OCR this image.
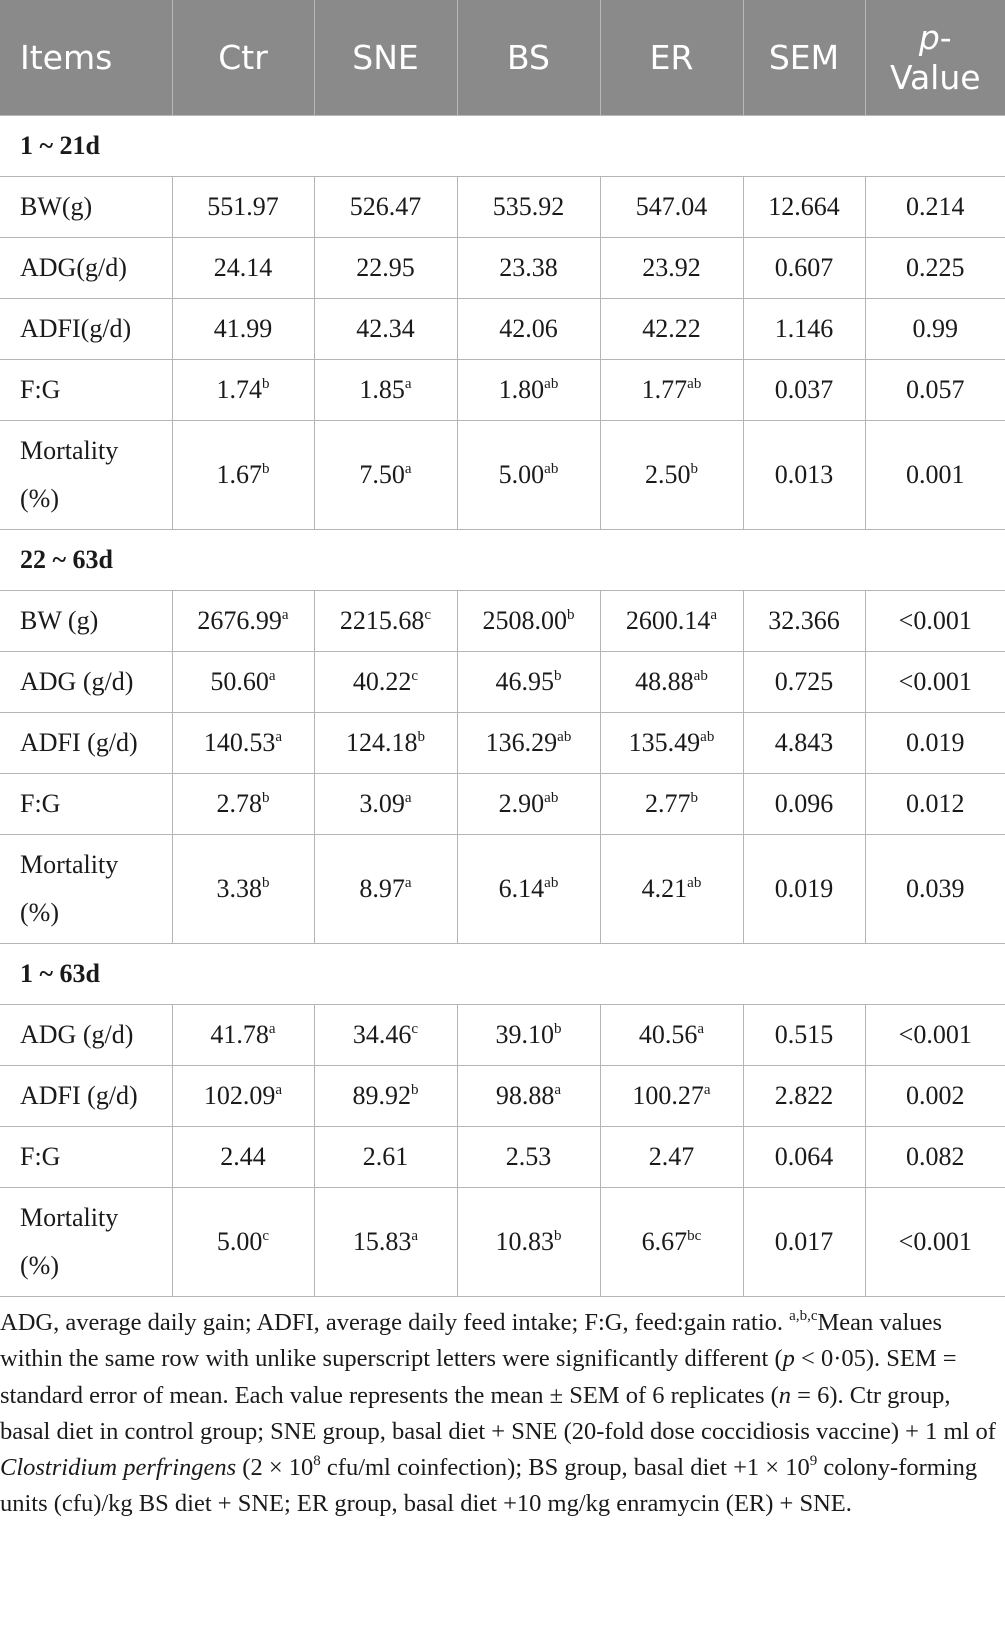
Items	Ctr	SNE	BS	ER	SEM	p-
Value
1 ~ 21d						
BW(g)	551.97	526.47	535.92	547.04	12.664	0.214
ADG(g/d)	24.14	22.95	23.38	23.92	0.607	0.225
ADFI(g/d)	41.99	42.34	42.06	42.22	1.146	0.99
F:G	1.74$^b$	1.85$^a$	1.80$^{ab}$	1.77$^{ab}$	0.037	0.057
Mortality
(%)	1.67$^b$	7.50$^a$	5.00$^{ab}$	2.50$^b$	0.013	0.001
22 ~ 63d						
BW (g)	2676.99$^a$	2215.68$^c$	2508.00$^b$	2600.14$^a$	32.366	<0.001
ADG (g/d)	50.60$^a$	40.22$^c$	46.95$^b$	48.88$^{ab}$	0.725	<0.001
ADFI (g/d)	140.53$^a$	124.18$^b$	136.29$^{ab}$	135.49$^{ab}$	4.843	0.019
F:G	2.78$^b$	3.09$^a$	2.90$^{ab}$	2.77$^b$	0.096	0.012
Mortality
(%)	3.38$^b$	8.97$^a$	6.14$^{ab}$	4.21$^{ab}$	0.019	0.039
1 ~ 63d						
ADG (g/d)	41.78$^a$	34.46$^c$	39.10$^b$	40.56$^a$	0.515	<0.001
ADFI (g/d)	102.09$^a$	89.92$^b$	98.88$^a$	100.27$^a$	2.822	0.002
F:G	2.44	2.61	2.53	2.47	0.064	0.082
Mortality
(%)	5.00$^c$	15.83$^a$	10.83$^b$	6.67$^{bc}$	0.017	<0.001

ADG, average daily gain; ADFI, average daily feed intake; F:G, feed:gain ratio. $^{a,b,c}$Mean values within the same row with unlike superscript letters were significantly different (p < 0·05). SEM = standard error of mean. Each value represents the mean ± SEM of 6 replicates (n = 6). Ctr group, basal diet in control group; SNE group, basal diet + SNE (20-fold dose coccidiosis vaccine) + 1 ml of Clostridium perfringens ($2 \times 10^8$ cfu/ml coinfection); BS group, basal diet $+1 \times 10^9$ colony-forming units (cfu)/kg BS diet + SNE; ER group, basal diet +10 mg/kg enramycin (ER) + SNE.
